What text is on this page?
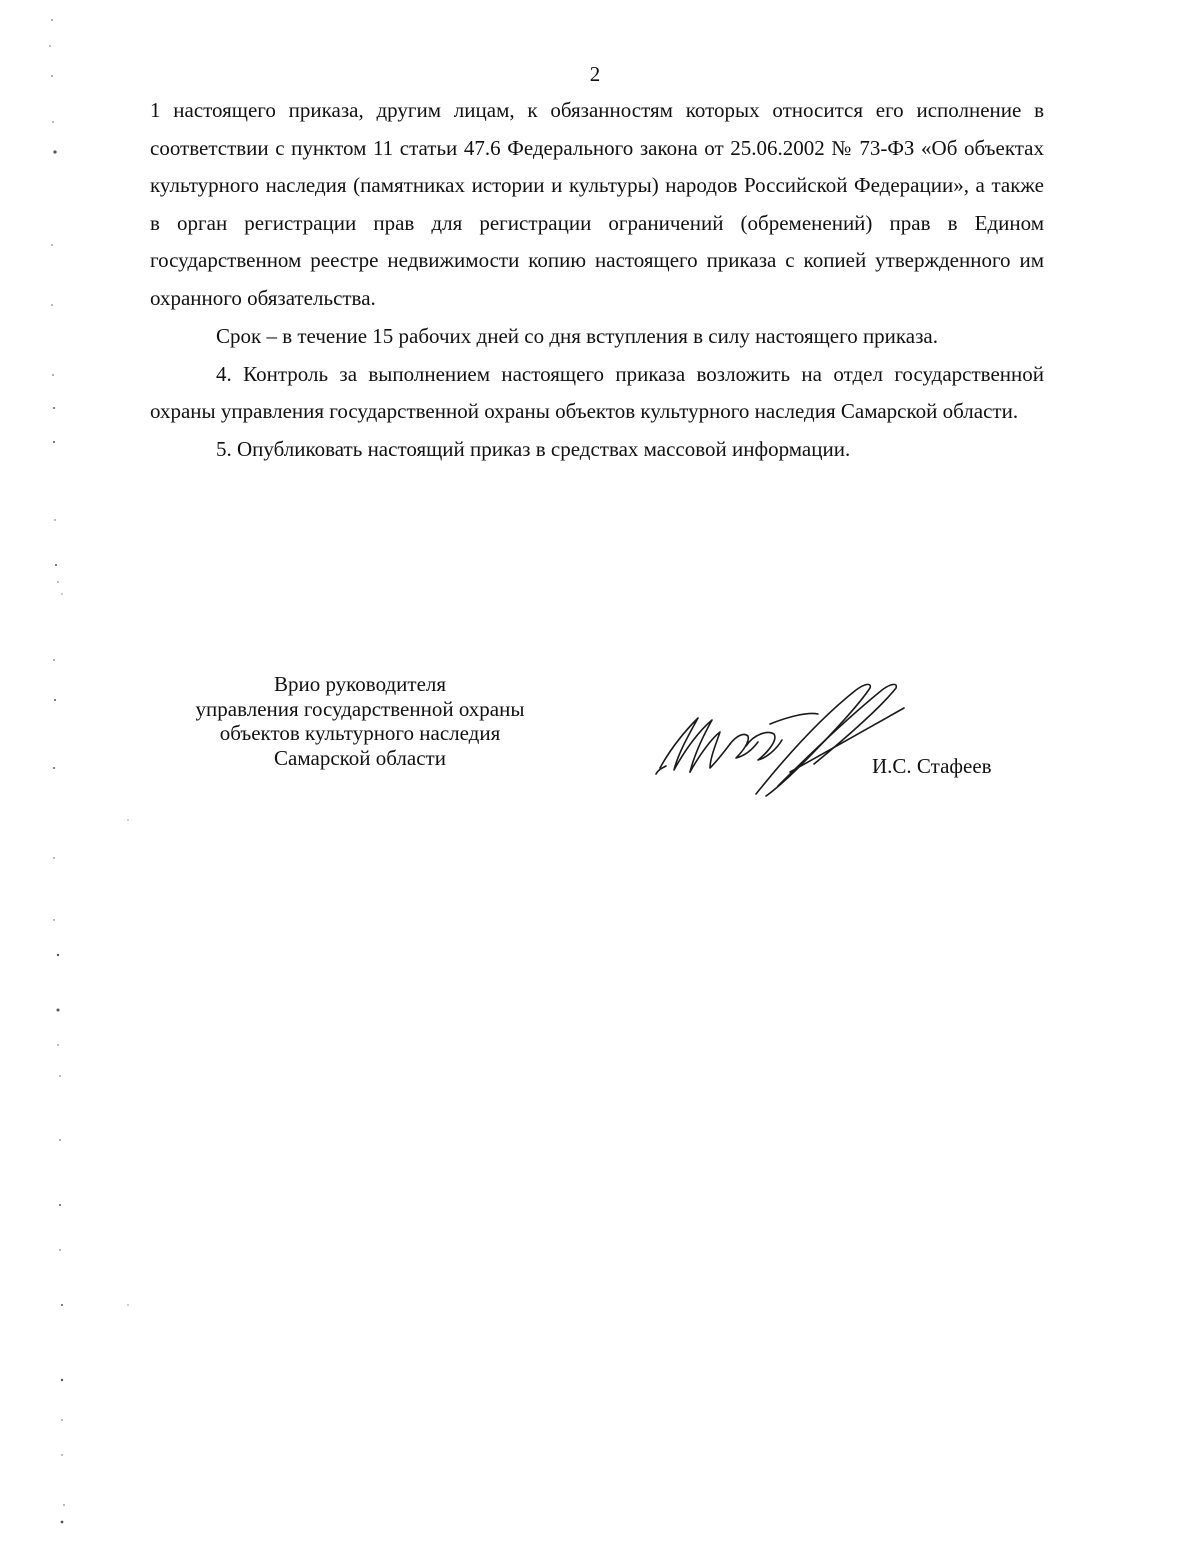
2

1 настоящего приказа, другим лицам, к обязанностям которых относится его исполнение в соответствии с пунктом 11 статьи 47.6 Федерального закона от 25.06.2002 № 73-ФЗ «Об объектах культурного наследия (памятниках истории и культуры) народов Российской Федерации», а также в орган регистрации прав для регистрации ограничений (обременений) прав в Едином государственном реестре недвижимости копию настоящего приказа с копией утвержденного им охранного обязательства.

Срок – в течение 15 рабочих дней со дня вступления в силу настоящего приказа.

4. Контроль за выполнением настоящего приказа возложить на отдел государственной охраны управления государственной охраны объектов культурного наследия Самарской области.

5. Опубликовать настоящий приказ в средствах массовой информации.

Врио руководителя
управления государственной охраны
объектов культурного наследия
Самарской области	И.С. Стафеев
